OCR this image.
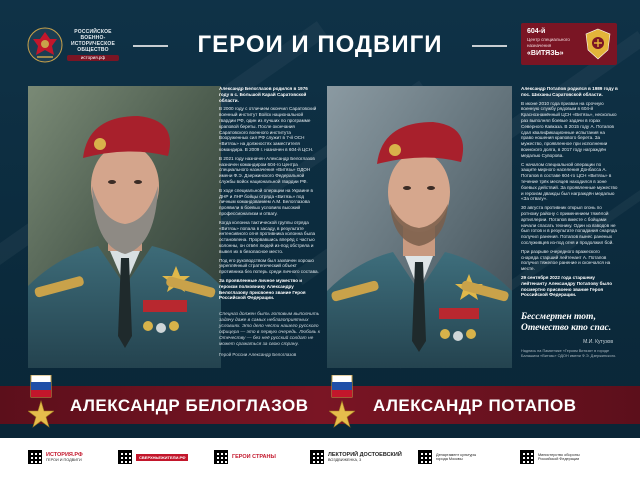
РОССИЙСКОЕ
ВОЕННО-
ИСТОРИЧЕСКОЕ
ОБЩЕСТВО
история.рф	ГЕРОИ И ПОДВИГИ	604-й
Центр специального назначения
«ВИТЯЗЬ»

Александр Белоглазов родился в 1976 году в с. Большой Карай Саратовской области.

В 2000 году с отличием окончил Саратовский военный институт Войск национальной гвардии РФ, один из лучших по программе краповой береты. После окончания Саратовского военного института Вооруженных сил РФ служит в 7-й ОСН «Витязь» на должностях заместителя командира. В 2009 г. назначен в 604-й ЦСН.

В 2021 году назначен Александр Белоглазов назначен командиром 604-го Центра специального назначения «Витязь» ОДОН имени Ф.Э. Дзержинского Федеральной службы войск национальной гвардии РФ.

В ходе специальной операции на Украине в ДНР и ЛНР бойцы отряда «Витязь» под личным командованием А.М. Белоглазова проявили в боевых условиях высокий профессионализм и отвагу.

Когда колонна тактической группы отряда «Витязь» попала в засаду, в результате интенсивного огня противника колонна была остановлена. Прорвавшись вперёд с частью колонны, он отвёл людей из-под обстрела и вывел их в безопасное место.

Под его руководством был захвачен хорошо укреплённый стратегический объект противника без потерь среди личного состава.

За проявленные личное мужество и героизм полковнику Александру Белоглазову присвоено звание Героя Российской Федерации.

Спецназ должен быть готовым выполнить задачу даже в самых неблагоприятных условиях. Это дело чести нашего русского офицера — это в первую очередь. Любовь к Отечеству — без неё русский солдат не может сражаться за свою страну.
Герой России Александр Белоглазов

Александр Потапов родился в 1989 году в пос. Шиханы Саратовской области.

В иконе 2010 года призван на срочную военную службу рядовым в 604-й Краснознамённый ЦСН «Витязь», несколько раз выполнял боевые задачи в горах Северного Кавказа. В 2015 году А. Потапов сдал квалификационные испытания на право ношения крапового берета. За мужество, проявленное при исполнении воинского долга, в 2017 году награждён медалью Суворова.

С началом специальной операции по защите мирного населения Донбасса А. Потапов в составе 604-го ЦСН «Витязь» в течение трёх месяцев находился в зоне боевых действий. За проявленные мужество и героизм дважды был награждён медалью «За отвагу».

30 августа противник открыл огонь по ротному району с применением тяжёлой артиллерии. Потапов вместе с бойцами начали спасать технику. Один из взводов не был готов и в результате попадания снаряда получил ранения. Потапов вынес раненых сослуживцев из-под огня и продолжил бой.

При разрыве очередного вражеского снаряда старший лейтенант А. Потапов получил тяжелое ранение и скончался на месте.

29 сентября 2022 года старшему лейтенанту Александру Потапову было посмертно присвоено звание Героя Российской Федерации.

Бессмертен тот, Отечество кто спас.
М.И. Кутузов
Надпись на Памятнике «Героям Витязя» в городе Балашиха «Витязь» ОДОН имени Ф.Э. Дзержинского.
АЛЕКСАНДР БЕЛОГЛАЗОВ	АЛЕКСАНДР ПОТАПОВ
ИСТОРИЯ.РФ
ГЕРОИ И ПОДВИГИ
СВЕРХНЬЕЖИТЕЛИ.РФ	ГЕРОИ СТРАНЫ	ЛЕКТОРИЙ ДОСТОЕВСКИЙ
ВОЗДВИЖЕНКА, 3
Департамент культуры
города Москвы
Министерство обороны
Российской Федерации
